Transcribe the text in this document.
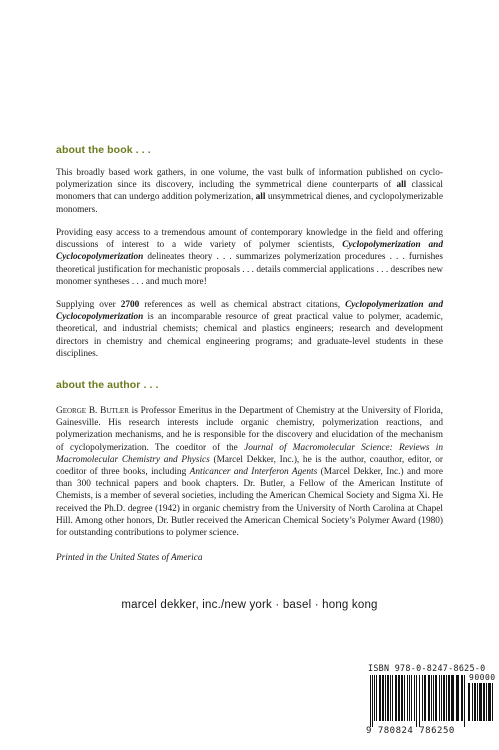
about the book . . .

This broadly based work gathers, in one volume, the vast bulk of information published on cyclopolymerization since its discovery, including the symmetrical diene counterparts of all classical monomers that can undergo addition polymerization, all unsymmetrical dienes, and cyclopolymerizable monomers.

Providing easy access to a tremendous amount of contemporary knowledge in the field and offering discussions of interest to a wide variety of polymer scientists, Cyclopolymerization and Cyclocopolymerization delineates theory . . . summarizes polymerization procedures . . . furnishes theoretical justification for mechanistic proposals . . . details commercial applications . . . describes new monomer syntheses . . . and much more!

Supplying over 2700 references as well as chemical abstract citations, Cyclopolymerization and Cyclocopolymerization is an incomparable resource of great practical value to polymer, academic, theoretical, and industrial chemists; chemical and plastics engineers; research and development directors in chemistry and chemical engineering programs; and graduate-level students in these disciplines.

about the author . . .

George B. Butler is Professor Emeritus in the Department of Chemistry at the University of Florida, Gainesville. His research interests include organic chemistry, polymerization reactions, and polymerization mechanisms, and he is responsible for the discovery and elucidation of the mechanism of cyclopolymerization. The coeditor of the Journal of Macromolecular Science: Reviews in Macromolecular Chemistry and Physics (Marcel Dekker, Inc.), he is the author, coauthor, editor, or coeditor of three books, including Anticancer and Interferon Agents (Marcel Dekker, Inc.) and more than 300 technical papers and book chapters. Dr. Butler, a Fellow of the American Institute of Chemists, is a member of several societies, including the American Chemical Society and Sigma Xi. He received the Ph.D. degree (1942) in organic chemistry from the University of North Carolina at Chapel Hill. Among other honors, Dr. Butler received the American Chemical Society’s Polymer Award (1980) for outstanding contributions to polymer science.

Printed in the United States of America

marcel dekker, inc./new york · basel · hong kong

ISBN 978-0-8247-8625-0

90000

9 780824 786250
